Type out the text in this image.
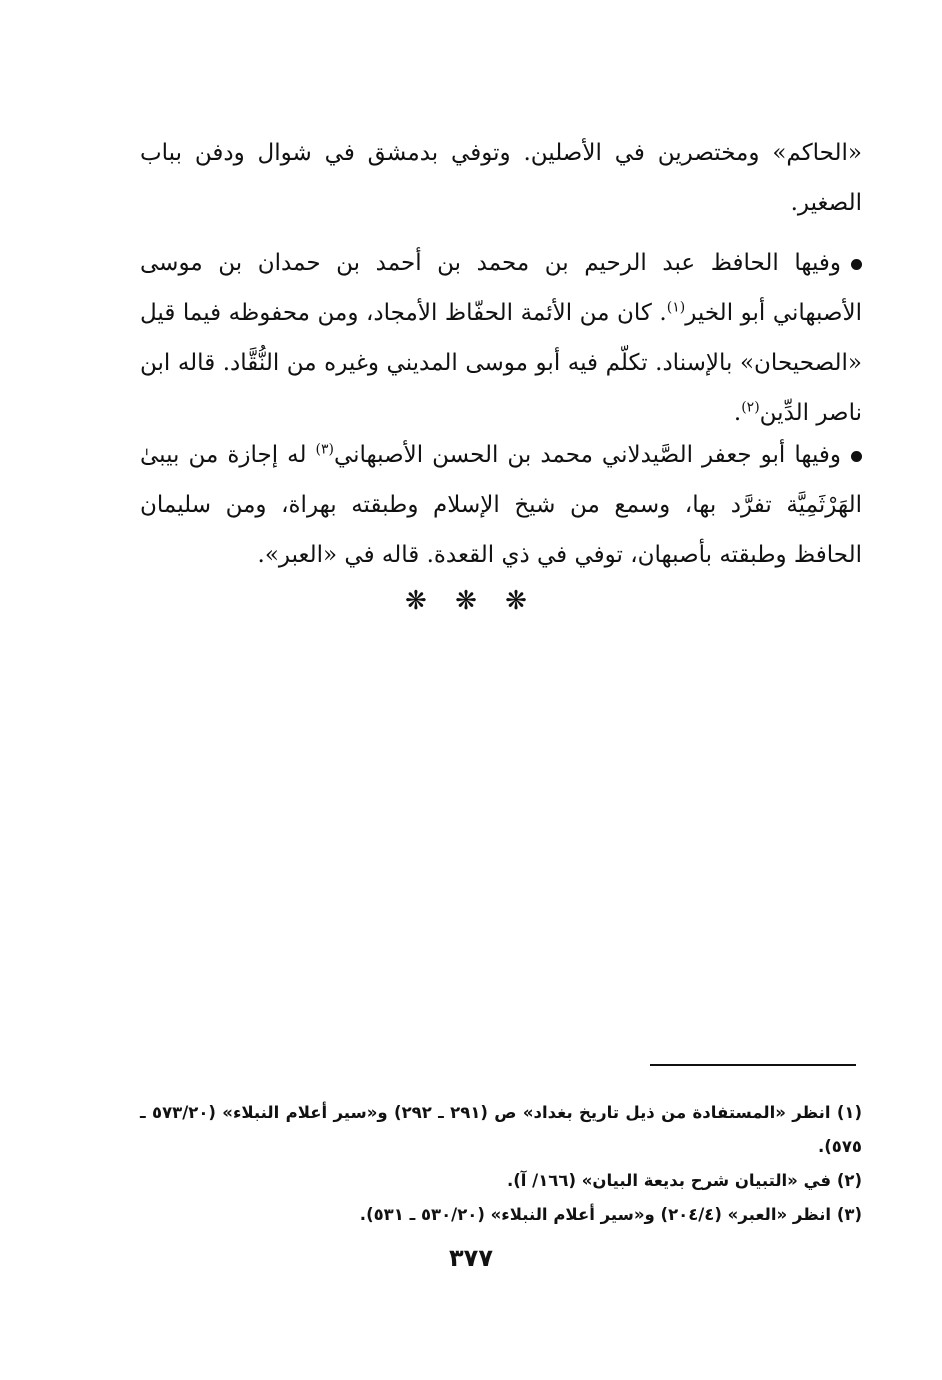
«الحاكم» ومختصرين في الأصلين. وتوفي بدمشق في شوال ودفن بباب الصغير.
وفيها الحافظ عبد الرحيم بن محمد بن أحمد بن حمدان بن موسى الأصبهاني أبو الخير$^{(١)}$. كان من الأئمة الحفّاظ الأمجاد، ومن محفوظه فيما قيل «الصحيحان» بالإسناد. تكلّم فيه أبو موسى المديني وغيره من النُّقَّاد. قاله ابن ناصر الدِّين$^{(٢)}$.
وفيها أبو جعفر الصَّيدلاني محمد بن الحسن الأصبهاني$^{(٣)}$ له إجازة من بيبىٰ الهَرْثَمِيَّة تفرَّد بها، وسمع من شيخ الإسلام وطبقته بهراة، ومن سليمان الحافظ وطبقته بأصبهان، توفي في ذي القعدة. قاله في «العبر».
❋ ❋ ❋
(١) انظر «المستفادة من ذيل تاريخ بغداد» ص (٢٩١ ـ ٢٩٢) و«سير أعلام النبلاء» (٥٧٣/٢٠ ـ ٥٧٥).
(٢) في «التبيان شرح بديعة البيان» (١٦٦/ آ).
(٣) انظر «العبر» (٢٠٤/٤) و«سير أعلام النبلاء» (٥٣٠/٢٠ ـ ٥٣١).
٣٧٧
